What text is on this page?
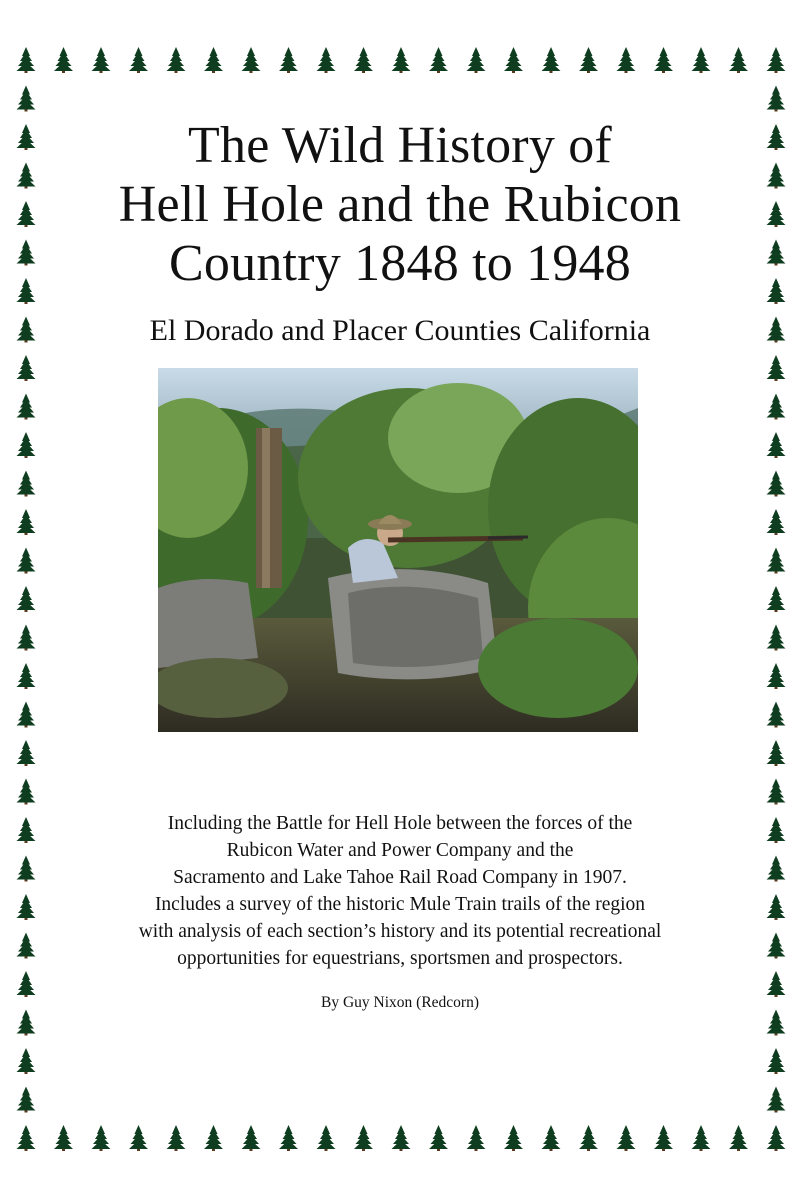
The Wild History of
Hell Hole and the Rubicon
Country 1848 to 1948
El Dorado and Placer Counties California
Including the Battle for Hell Hole between the forces of the
Rubicon Water and Power Company and the
Sacramento and Lake Tahoe Rail Road Company in 1907.
Includes a survey of the historic Mule Train trails of the region
with analysis of each section’s history and its potential recreational
opportunities for equestrians, sportsmen and prospectors.
By Guy Nixon (Redcorn)
